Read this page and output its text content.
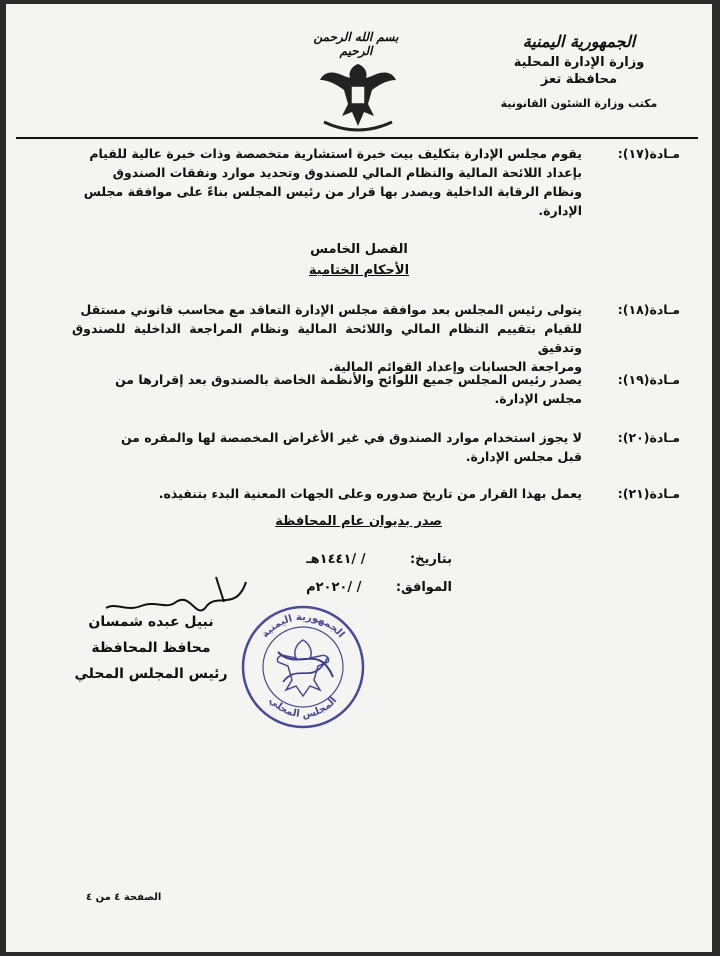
الجمهورية اليمنية
وزارة الإدارة المحلية
محافظة تعز
مكتب وزارة الشئون القانونية
بسم الله الرحمن الرحيم
مـادة(١٧):
يقوم مجلس الإدارة بتكليف بيت خبرة استشارية متخصصة وذات خبرة عالية للقيام
بإعداد اللائحة المالية والنظام المالي للصندوق وتحديد موارد ونفقات الصندوق
ونظام الرقابة الداخلية ويصدر بها قرار من رئيس المجلس بناءً على موافقة مجلس
الإدارة.
الفصل الخامس
الأحكام الختامية
مـادة(١٨):
يتولى رئيس المجلس بعد موافقة مجلس الإدارة التعاقد مع محاسب قانوني مستقل
للقيام بتقييم النظام المالي واللائحة المالية ونظام المراجعة الداخلية للصندوق وتدقيق
ومراجعة الحسابات وإعداد القوائم المالية.
مـادة(١٩):
يصدر رئيس المجلس جميع اللوائح والأنظمة الخاصة بالصندوق بعد إقرارها من
مجلس الإدارة.
مـادة(٢٠):
لا يجوز استخدام موارد الصندوق في غير الأغراض المخصصة لها والمقره من
قبل مجلس الإدارة.
مـادة(٢١):
يعمل بهذا القرار من تاريخ صدوره وعلى الجهات المعنية البدء بتنفيذه.
صدر بديوان عام المحافظة
بتاريخ: / /١٤٤١هـ
الموافق: / /٢٠٢٠م
نبيل عبده شمسان
محافظ المحافظة
رئيس المجلس المحلي
الجمهورية اليمنية
المجلس المحلي
الصفحة ٤ من ٤
